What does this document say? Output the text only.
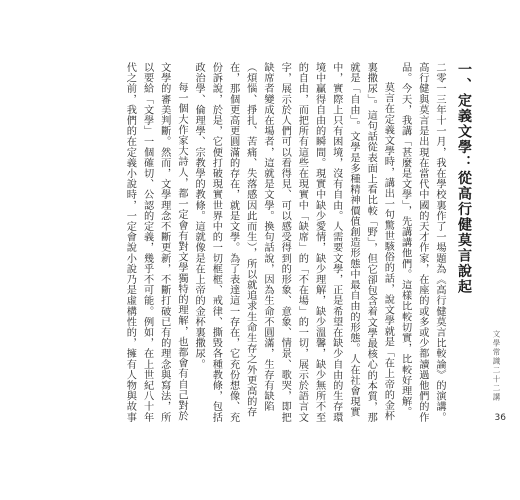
一、定義文學：從高行健莫言說起

二零一三年十一月，我在學校裏作了一場題為《高行健莫言比較論》的演講。高行健與莫言是出現在當代中國的天才作家，在座的或多或少都讀過他們的作品。今天，我講「甚麼是文學」，先講講他們。這樣比較切實，比較好理解。

莫言在定義文學時，講出一句驚世駭俗的話，說文學就是「在上帝的金杯裏撒尿」。這句話從表面上看比較「野」，但它卻包含着文學最核心的本質，那就是「自由」。文學是多種精神價值創造形態中最自由的形態。人在社會現實中，實際上只有困境，沒有自由。人需要文學，正是希望在缺少自由的生存環境中贏得自由的瞬間。現實中缺少愛情，缺少理解，缺少溫馨，缺少無所不至的自由，而把所有這些在現實中「缺席」的「不在場」的一切，展示於語言文字，展示於人們可以看得見、可以感受得到的形象、意象、情景、歌哭，即把缺席者變成在場者，這就是文學。換句話說，因為生命不圓滿，生存有缺陷（煩惱、掙扎、苦痛、失落感因此而生），所以就追求生命生存之外更高的存在，那個更高更圓滿的存在，就是文學。為了表達這一存在，它充份想像、充份訴說，於是，它便打破現實世界中的一切框框、戒律、撕毀各種教條，包括政治學、倫理學、宗教學的教條。這就像是在上帝的金杯裏撒尿。

每一個大作家大詩人，都一定會有對文學獨特的理解，也都會有自己對於文學的審美判斷。然而，文學理念不斷更新，不斷打破已有的理念與寫法，所以要給「文學」一個確切、公認的定義，幾乎不可能。例如，在上世紀八十年代之前，我們的在定義小說時，一定會說小說乃是虛構性的，擁有人物與故事	文學常識二十二講
36
